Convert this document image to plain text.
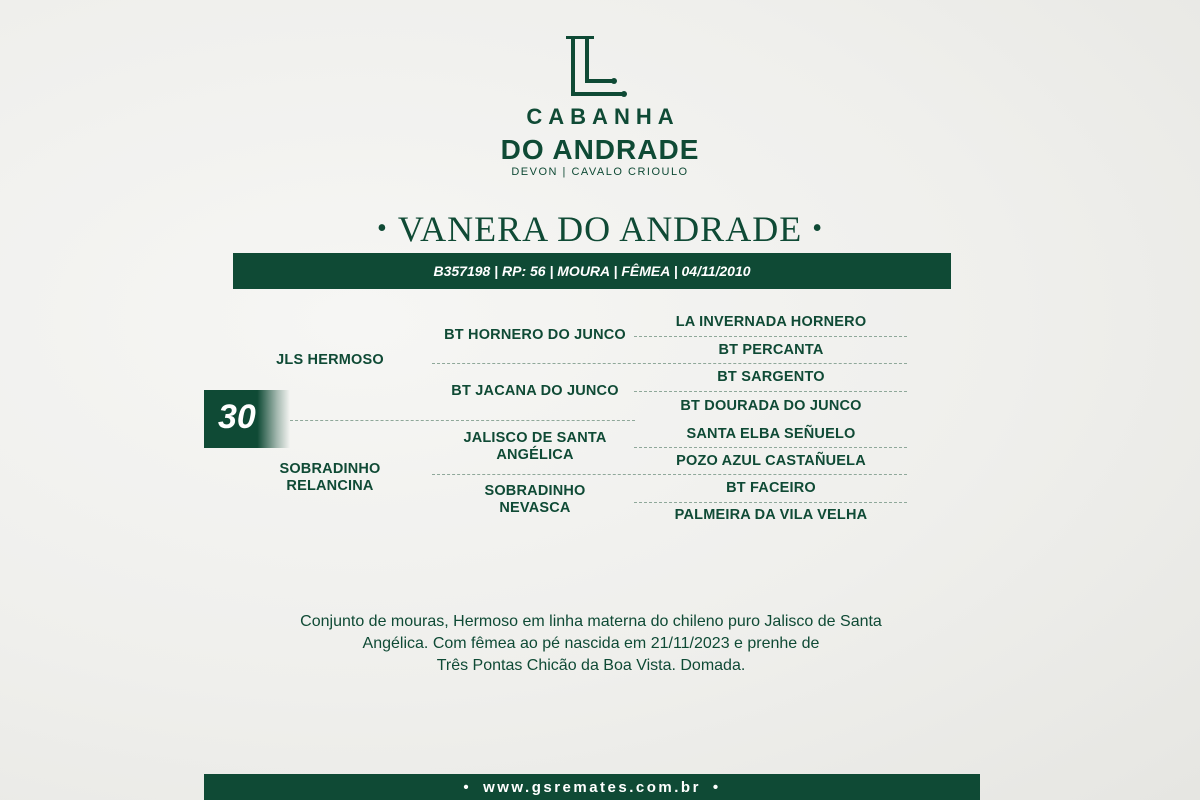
CABANHA
DO ANDRADE
DEVON | CAVALO CRIOULO
• VANERA DO ANDRADE •
B357198 | RP: 56 | MOURA | FÊMEA | 04/11/2010
30
JLS HERMOSO
SOBRADINHO
RELANCINA
BT HORNERO DO JUNCO
BT JACANA DO JUNCO
JALISCO DE SANTA
ANGÉLICA
SOBRADINHO
NEVASCA
LA INVERNADA HORNERO
BT PERCANTA
BT SARGENTO
BT DOURADA DO JUNCO
SANTA ELBA SEÑUELO
POZO AZUL CASTAÑUELA
BT FACEIRO
PALMEIRA DA VILA VELHA
Conjunto de mouras, Hermoso em linha materna do chileno puro Jalisco de Santa
Angélica. Com fêmea ao pé nascida em 21/11/2023 e prenhe de
Três Pontas Chicão da Boa Vista. Domada.
• www.gsremates.com.br •
